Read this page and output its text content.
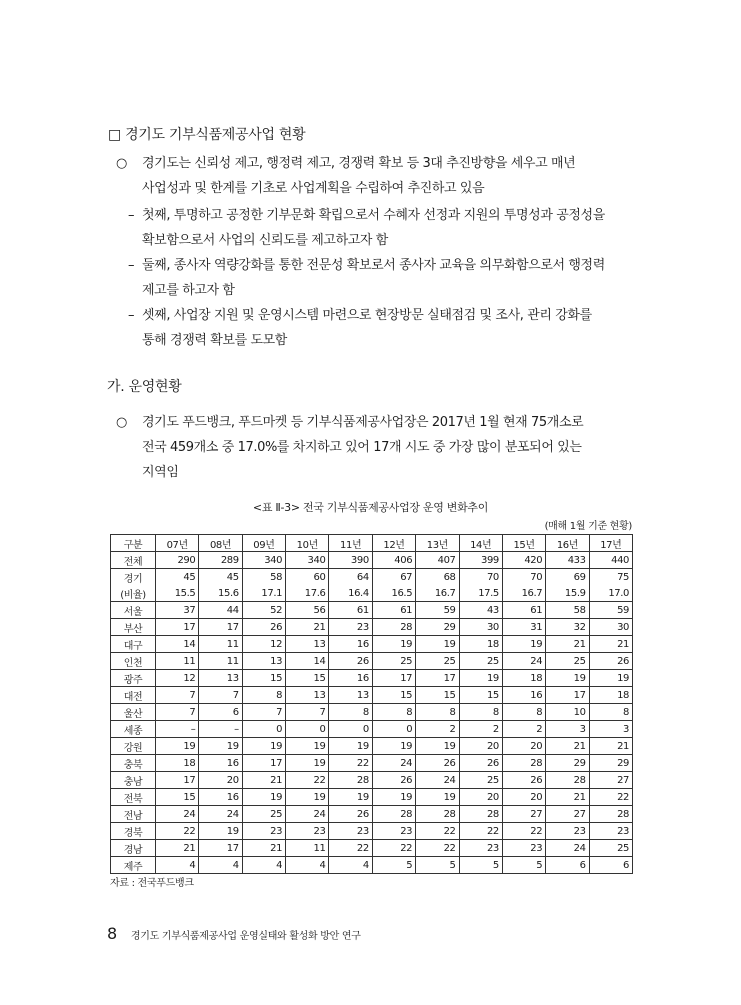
□ 경기도 기부식품제공사업 현황
○	경기도는 신뢰성 제고, 행정력 제고, 경쟁력 확보 등 3대 추진방향을 세우고 매년
사업성과 및 한계를 기초로 사업계획을 수립하여 추진하고 있음
– 첫째, 투명하고 공정한 기부문화 확립으로서 수혜자 선정과 지원의 투명성과 공정성을
확보함으로서 사업의 신뢰도를 제고하고자 함
– 둘째, 종사자 역량강화를 통한 전문성 확보로서 종사자 교육을 의무화함으로서 행정력
제고를 하고자 함
– 셋째, 사업장 지원 및 운영시스템 마련으로 현장방문 실태점검 및 조사, 관리 강화를
통해 경쟁력 확보를 도모함
가. 운영현황
○	경기도 푸드뱅크, 푸드마켓 등 기부식품제공사업장은 2017년 1월 현재 75개소로
전국 459개소 중 17.0%를 차지하고 있어 17개 시도 중 가장 많이 분포되어 있는
지역임
<표 Ⅱ-3> 전국 기부식품제공사업장 운영 변화추이
(매해 1월 기준 현황)
구분	07년	08년	09년	10년	11년	12년	13년	14년	15년	16년	17년
전체	290	289	340	340	390	406	407	399	420	433	440
경기	45	45	58	60	64	67	68	70	70	69	75
(비율)	15.5	15.6	17.1	17.6	16.4	16.5	16.7	17.5	16.7	15.9	17.0
서울	37	44	52	56	61	61	59	43	61	58	59
부산	17	17	26	21	23	28	29	30	31	32	30
대구	14	11	12	13	16	19	19	18	19	21	21
인천	11	11	13	14	26	25	25	25	24	25	26
광주	12	13	15	15	16	17	17	19	18	19	19
대전	7	7	8	13	13	15	15	15	16	17	18
울산	7	6	7	7	8	8	8	8	8	10	8
세종	–	–	0	0	0	0	2	2	2	3	3
강원	19	19	19	19	19	19	19	20	20	21	21
충북	18	16	17	19	22	24	26	26	28	29	29
충남	17	20	21	22	28	26	24	25	26	28	27
전북	15	16	19	19	19	19	19	20	20	21	22
전남	24	24	25	24	26	28	28	28	27	27	28
경북	22	19	23	23	23	23	22	22	22	23	23
경남	21	17	21	11	22	22	22	23	23	24	25
제주	4	4	4	4	4	5	5	5	5	6	6
자료 : 전국푸드뱅크
8 경기도 기부식품제공사업 운영실태와 활성화 방안 연구
